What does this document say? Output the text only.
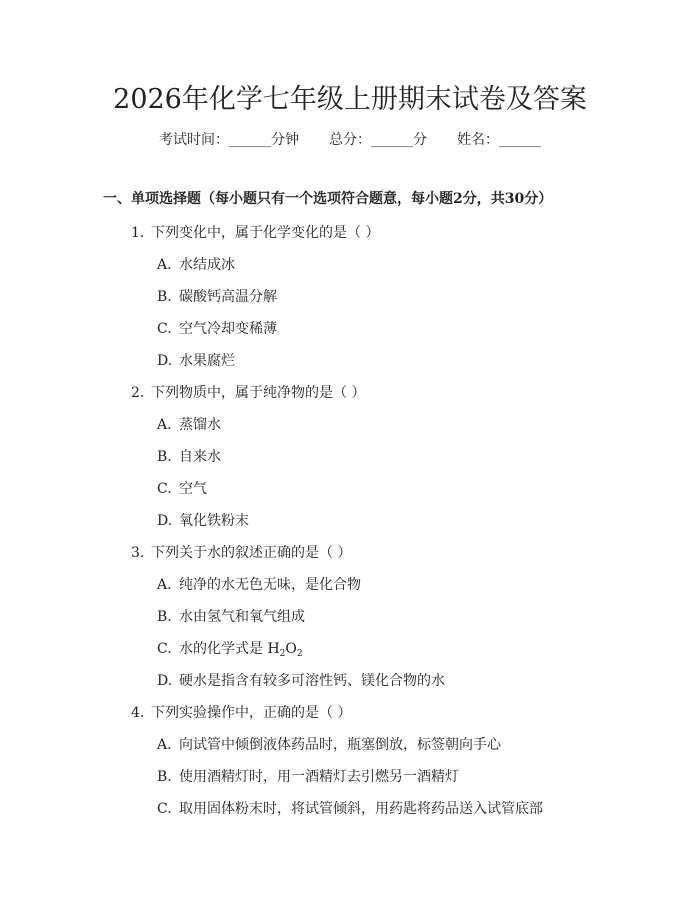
2026年化学七年级上册期末试卷及答案
考试时间：______分钟 总分：______分 姓名：______
一、单项选择题（每小题只有一个选项符合题意，每小题2分，共30分）
1. 下列变化中，属于化学变化的是（ ）
A. 水结成冰
B. 碳酸钙高温分解
C. 空气冷却变稀薄
D. 水果腐烂
2. 下列物质中，属于纯净物的是（ ）
A. 蒸馏水
B. 自来水
C. 空气
D. 氧化铁粉末
3. 下列关于水的叙述正确的是（ ）
A. 纯净的水无色无味，是化合物
B. 水由氢气和氧气组成
C. 水的化学式是 $H_2O_2$
D. 硬水是指含有较多可溶性钙、镁化合物的水
4. 下列实验操作中，正确的是（ ）
A. 向试管中倾倒液体药品时，瓶塞倒放，标签朝向手心
B. 使用酒精灯时，用一酒精灯去引燃另一酒精灯
C. 取用固体粉末时，将试管倾斜，用药匙将药品送入试管底部
